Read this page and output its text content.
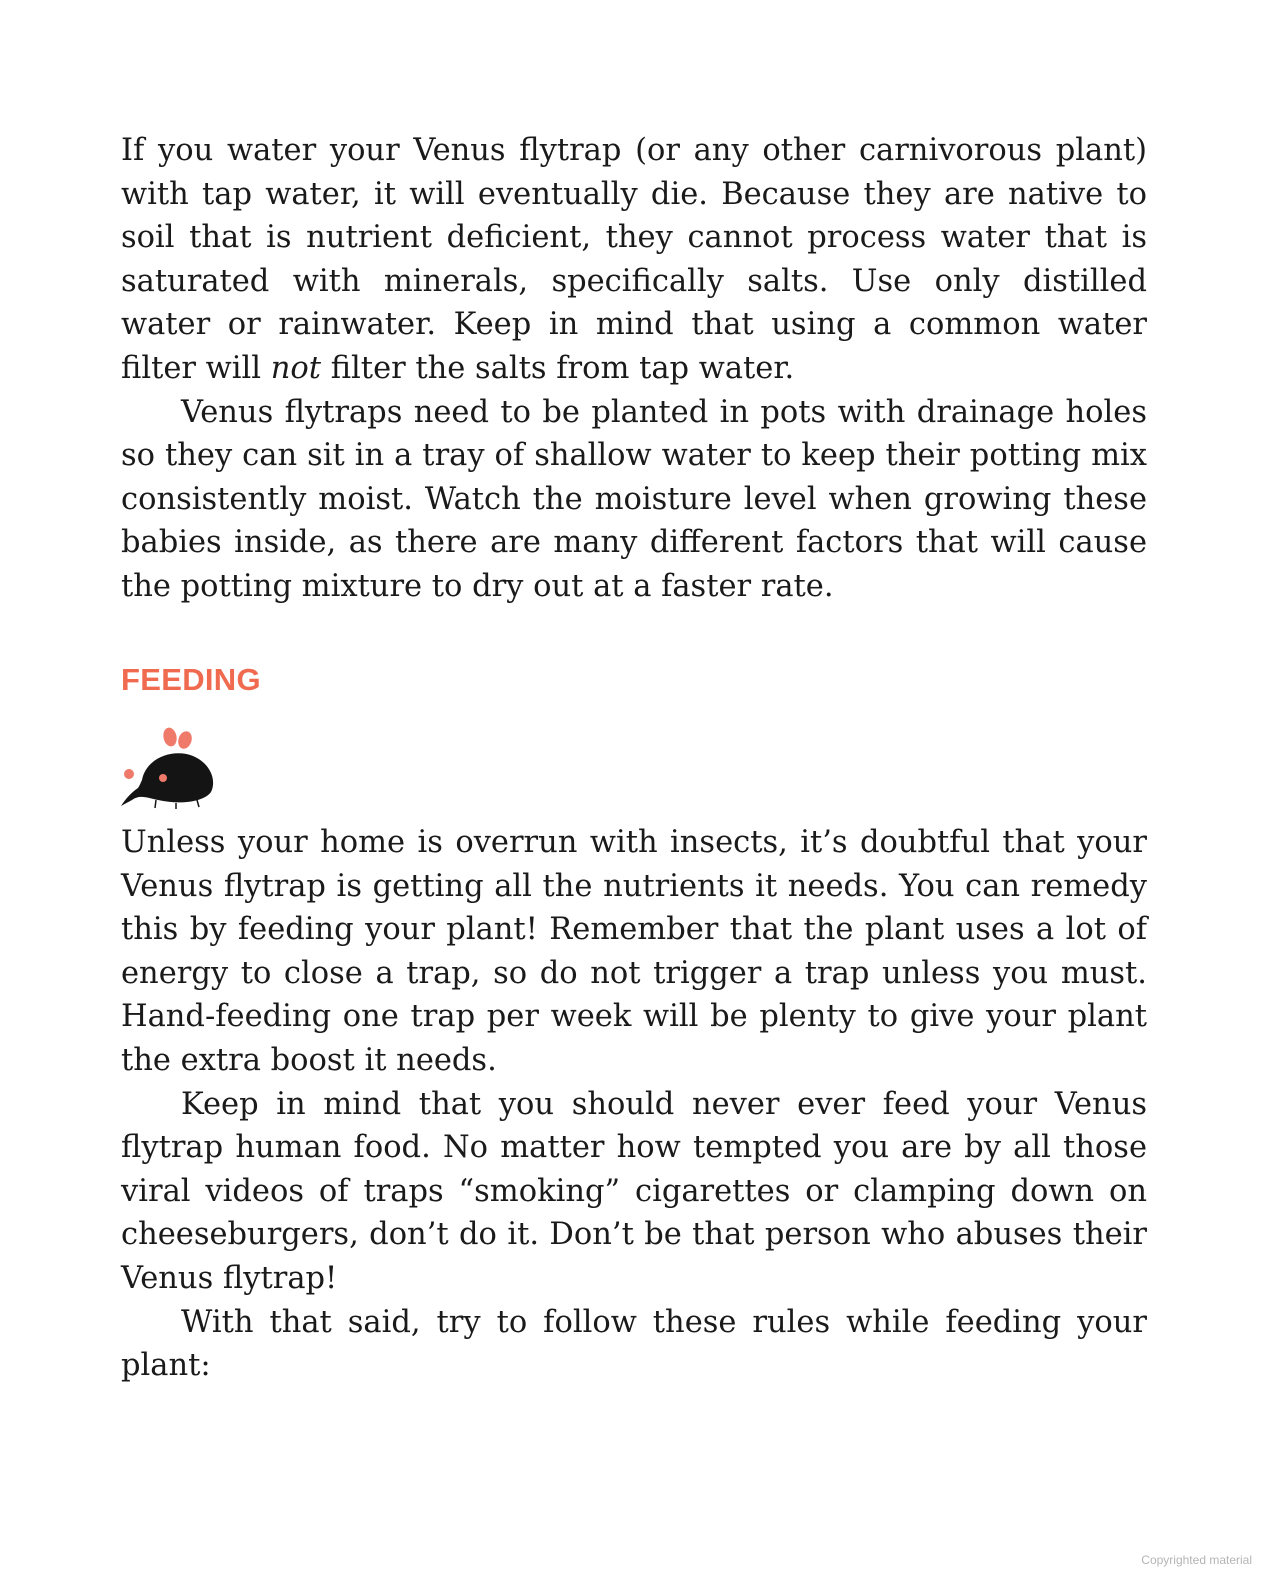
If you water your Venus flytrap (or any other carnivorous plant) with tap water, it will eventually die. Because they are native to soil that is nutrient deficient, they cannot process water that is saturated with minerals, specifically salts. Use only distilled water or rainwater. Keep in mind that using a common water filter will not filter the salts from tap water.

Venus flytraps need to be planted in pots with drainage holes so they can sit in a tray of shallow water to keep their potting mix consistently moist. Watch the moisture level when growing these babies inside, as there are many different factors that will cause the potting mixture to dry out at a faster rate.

FEEDING

Unless your home is overrun with insects, it’s doubtful that your Venus flytrap is getting all the nutrients it needs. You can remedy this by feeding your plant! Remember that the plant uses a lot of energy to close a trap, so do not trigger a trap unless you must. Hand-feeding one trap per week will be plenty to give your plant the extra boost it needs.

Keep in mind that you should never ever feed your Venus flytrap human food. No matter how tempted you are by all those viral videos of traps “smoking” cigarettes or clamping down on cheeseburgers, don’t do it. Don’t be that person who abuses their Venus flytrap!

With that said, try to follow these rules while feeding your plant:

Copyrighted material
